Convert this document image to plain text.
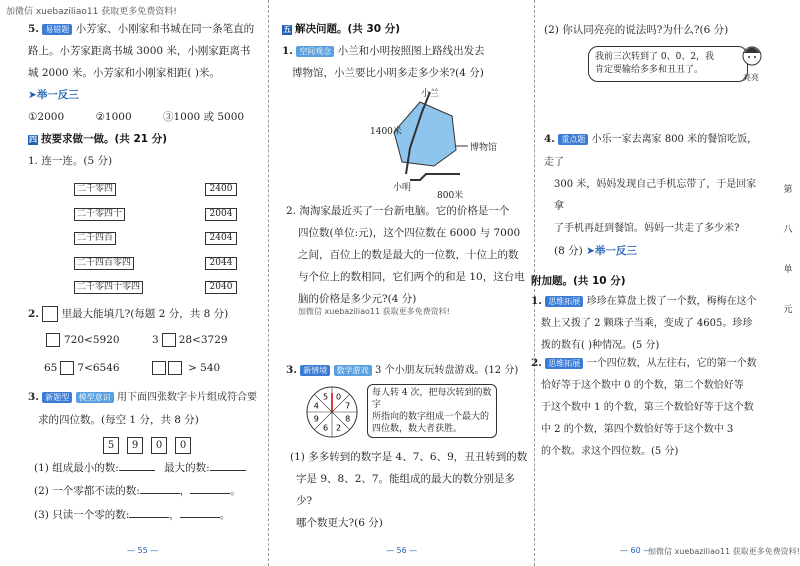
加微信 xuebaziliao11 获取更多免费资料!
5. 易错题 小芳家、小刚家和书城在同一条笔直的
路上。小芳家距离书城 3000 米，小刚家距离书
城 2000 米。小芳家和小刚家相距( )米。
➤举一反三
①2000	②1000	③1000 或 5000
四 按要求做一做。(共 21 分)
1. 连一连。(5 分)
二千零四	2400
二千零四十	2004
二千四百	2404
二千四百零四	2044
二千零四十零四	2040
2. 里最大能填几?(每题 2 分，共 8 分)
720<5920	3 28<3729
65 7<6546	> 540
3. 新题型 模型意识 用下面四张数字卡片组成符合要
求的四位数。(每空 1 分，共 8 分)
5	9	0	0
(1) 组成最小的数:	最大的数:
(2) 一个零都不读的数:	，	。
(3) 只读一个零的数:	，	。
— 55 —
五 解决问题。(共 30 分)
1. 空间观念 小兰和小明按照图上路线出发去
博物馆，小兰要比小明多走多少米?(4 分)
小兰
1400米
博物馆
小明
800米
2. 淘淘家最近买了一台新电脑。它的价格是一个
四位数(单位:元)，这个四位数在 6000 与 7000
之间，百位上的数是最大的一位数，十位上的数
与个位上的数相同，它们两个的和是 10，这台电
脑的价格是多少元?(4 分)
加微信 xuebaziliao11 获取更多免费资料!
3. 新情境 数学游戏 3 个小朋友玩转盘游戏。(12 分)
0
7
8
2
6
9
4
5	每人转 4 次，把每次转到的数字
所指向的数字组成一个最大的
四位数，数大者获胜。
(1) 多多转到的数字是 4、7、6、9，丑丑转到的数
字是 9、8、2、7。能组成的最大的数分别是多少?
哪个数更大?(6 分)
— 56 —
(2) 你认同亮亮的说法吗?为什么?(6 分)
我前三次转到了 0、0、2，我
肯定要输给多多和丑丑了。
亮亮
4. 重点题 小乐一家去离家 800 米的餐馆吃饭，走了
300 米，妈妈发现自己手机忘带了，于是回家拿
了手机再赶到餐馆。妈妈一共走了多少米?
(8 分) ➤举一反三
附加题。(共 10 分)
1. 思维拓展 珍珍在算盘上拨了一个数，梅梅在这个
数上又拨了 2 颗珠子当乘，变成了 4605。珍珍
拨的数有( )种情况。(5 分)
2. 思维拓展 一个四位数，从左往右，它的第一个数
恰好等于这个数中 0 的个数，第二个数恰好等
于这个数中 1 的个数，第三个数恰好等于这个数
中 2 的个数，第四个数恰好等于这个数中 3
的个数。求这个四位数。(5 分)
第
八
单
元
— 60 —
加微信 xuebaziliao11 获取更多免费资料!
